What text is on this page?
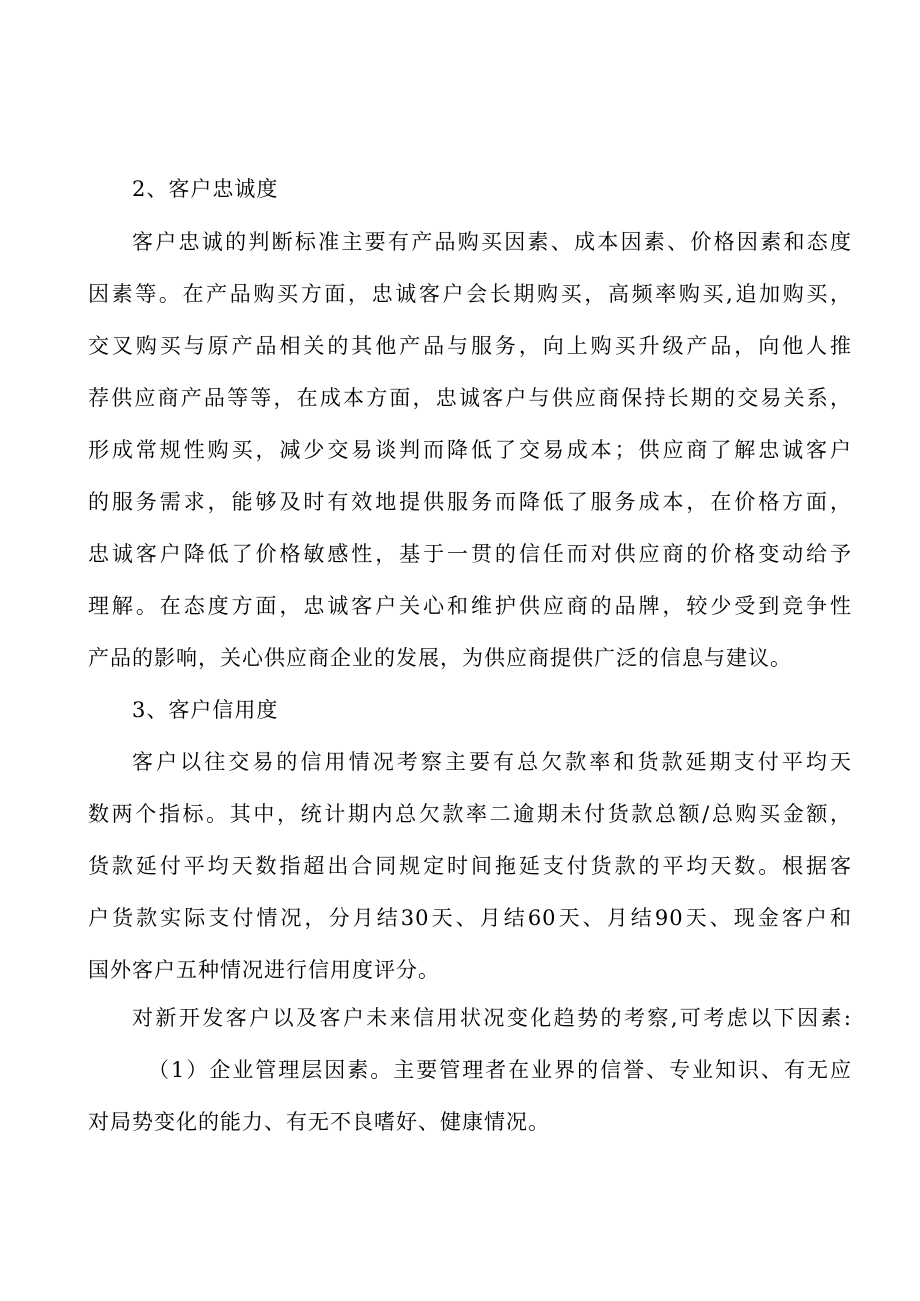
2、客户忠诚度
客户忠诚的判断标准主要有产品购买因素、成本因素、价格因素和态度
因素等。在产品购买方面，忠诚客户会长期购买，高频率购买,追加购买，
交叉购买与原产品相关的其他产品与服务，向上购买升级产品，向他人推
荐供应商产品等等，在成本方面，忠诚客户与供应商保持长期的交易关系，
形成常规性购买，减少交易谈判而降低了交易成本；供应商了解忠诚客户
的服务需求，能够及时有效地提供服务而降低了服务成本，在价格方面，
忠诚客户降低了价格敏感性，基于一贯的信任而对供应商的价格变动给予
理解。在态度方面，忠诚客户关心和维护供应商的品牌，较少受到竞争性
产品的影响，关心供应商企业的发展，为供应商提供广泛的信息与建议。
3、客户信用度
客户以往交易的信用情况考察主要有总欠款率和货款延期支付平均天
数两个指标。其中，统计期内总欠款率二逾期未付货款总额/总购买金额，
货款延付平均天数指超出合同规定时间拖延支付货款的平均天数。根据客
户货款实际支付情况，分月结30天、月结60天、月结90天、现金客户和
国外客户五种情况进行信用度评分。
对新开发客户以及客户未来信用状况变化趋势的考察,可考虑以下因素:
（1）企业管理层因素。主要管理者在业界的信誉、专业知识、有无应
对局势变化的能力、有无不良嗜好、健康情况。
